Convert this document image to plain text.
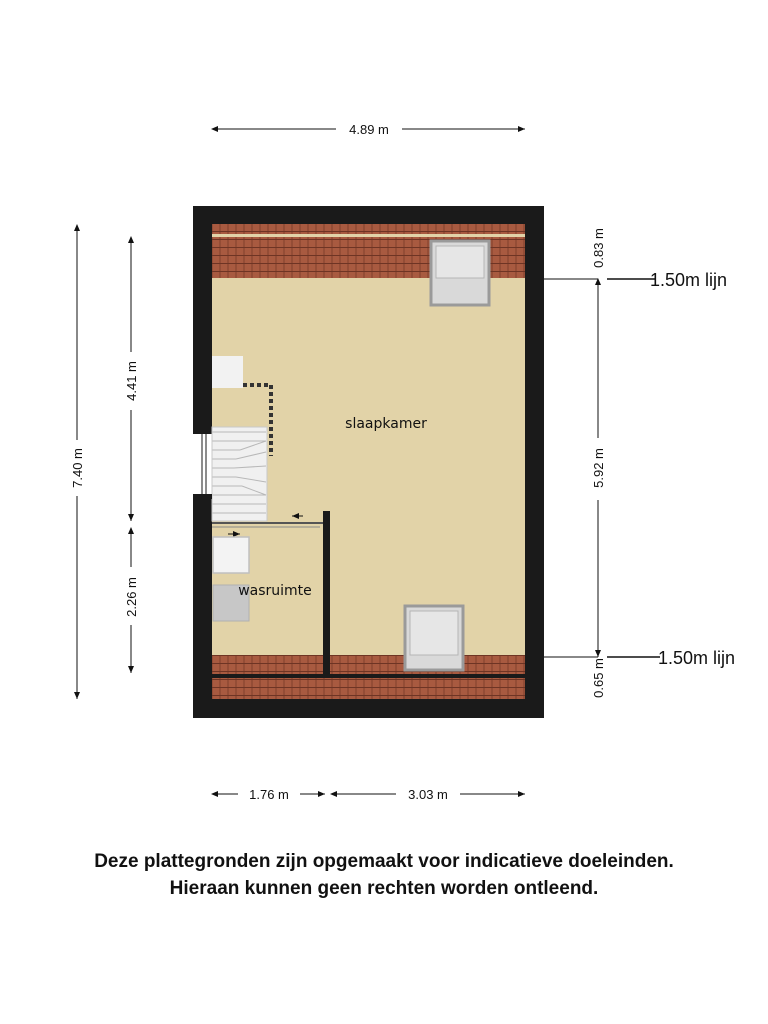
slaapkamer
wasruimte
4.89 m
7.40 m
4.41 m
2.26 m
0.83 m
5.92 m
0.65 m
1.50m lijn
1.50m lijn
1.76 m	3.03 m
Deze plattegronden zijn opgemaakt voor indicatieve doeleinden.
Hieraan kunnen geen rechten worden ontleend.
